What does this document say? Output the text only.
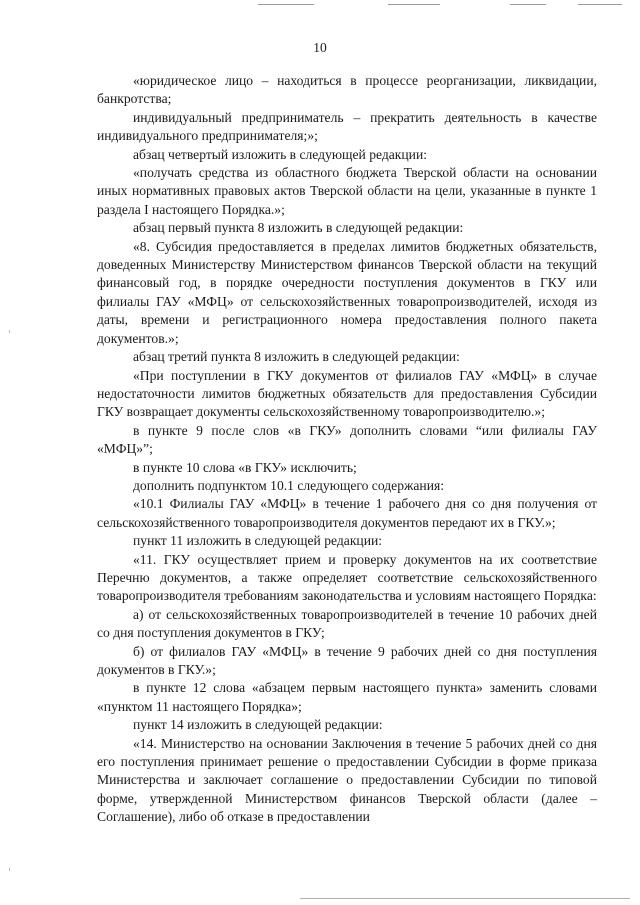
10

«юридическое лицо – находиться в процессе реорганизации, ликвидации, банкротства;

индивидуальный предприниматель – прекратить деятельность в качестве индивидуального предпринимателя;»;

абзац четвертый изложить в следующей редакции:

«получать средства из областного бюджета Тверской области на основании иных нормативных правовых актов Тверской области на цели, указанные в пункте 1 раздела I настоящего Порядка.»;

абзац первый пункта 8 изложить в следующей редакции:

«8. Субсидия предоставляется в пределах лимитов бюджетных обязательств, доведенных Министерству Министерством финансов Тверской области на текущий финансовый год, в порядке очередности поступления документов в ГКУ или филиалы ГАУ «МФЦ» от сельскохозяйственных товаропроизводителей, исходя из даты, времени и регистрационного номера предоставления полного пакета документов.»;

абзац третий пункта 8 изложить в следующей редакции:

«При поступлении в ГКУ документов от филиалов ГАУ «МФЦ» в случае недостаточности лимитов бюджетных обязательств для предоставления Субсидии ГКУ возвращает документы сельскохозяйственному товаропроизводителю.»;

в пункте 9 после слов «в ГКУ» дополнить словами “или филиалы ГАУ «МФЦ»”;

в пункте 10 слова «в ГКУ» исключить;

дополнить подпунктом 10.1 следующего содержания:

«10.1 Филиалы ГАУ «МФЦ» в течение 1 рабочего дня со дня получения от сельскохозяйственного товаропроизводителя документов передают их в ГКУ.»;

пункт 11 изложить в следующей редакции:

«11. ГКУ осуществляет прием и проверку документов на их соответствие Перечню документов, а также определяет соответствие сельскохозяйственного товаропроизводителя требованиям законодательства и условиям настоящего Порядка:

а) от сельскохозяйственных товаропроизводителей в течение 10 рабочих дней со дня поступления документов в ГКУ;

б) от филиалов ГАУ «МФЦ» в течение 9 рабочих дней со дня поступления документов в ГКУ.»;

в пункте 12 слова «абзацем первым настоящего пункта» заменить словами «пунктом 11 настоящего Порядка»;

пункт 14 изложить в следующей редакции:

«14. Министерство на основании Заключения в течение 5 рабочих дней со дня его поступления принимает решение о предоставлении Субсидии в форме приказа Министерства и заключает соглашение о предоставлении Субсидии по типовой форме, утвержденной Министерством финансов Тверской области (далее – Соглашение), либо об отказе в предоставлении
